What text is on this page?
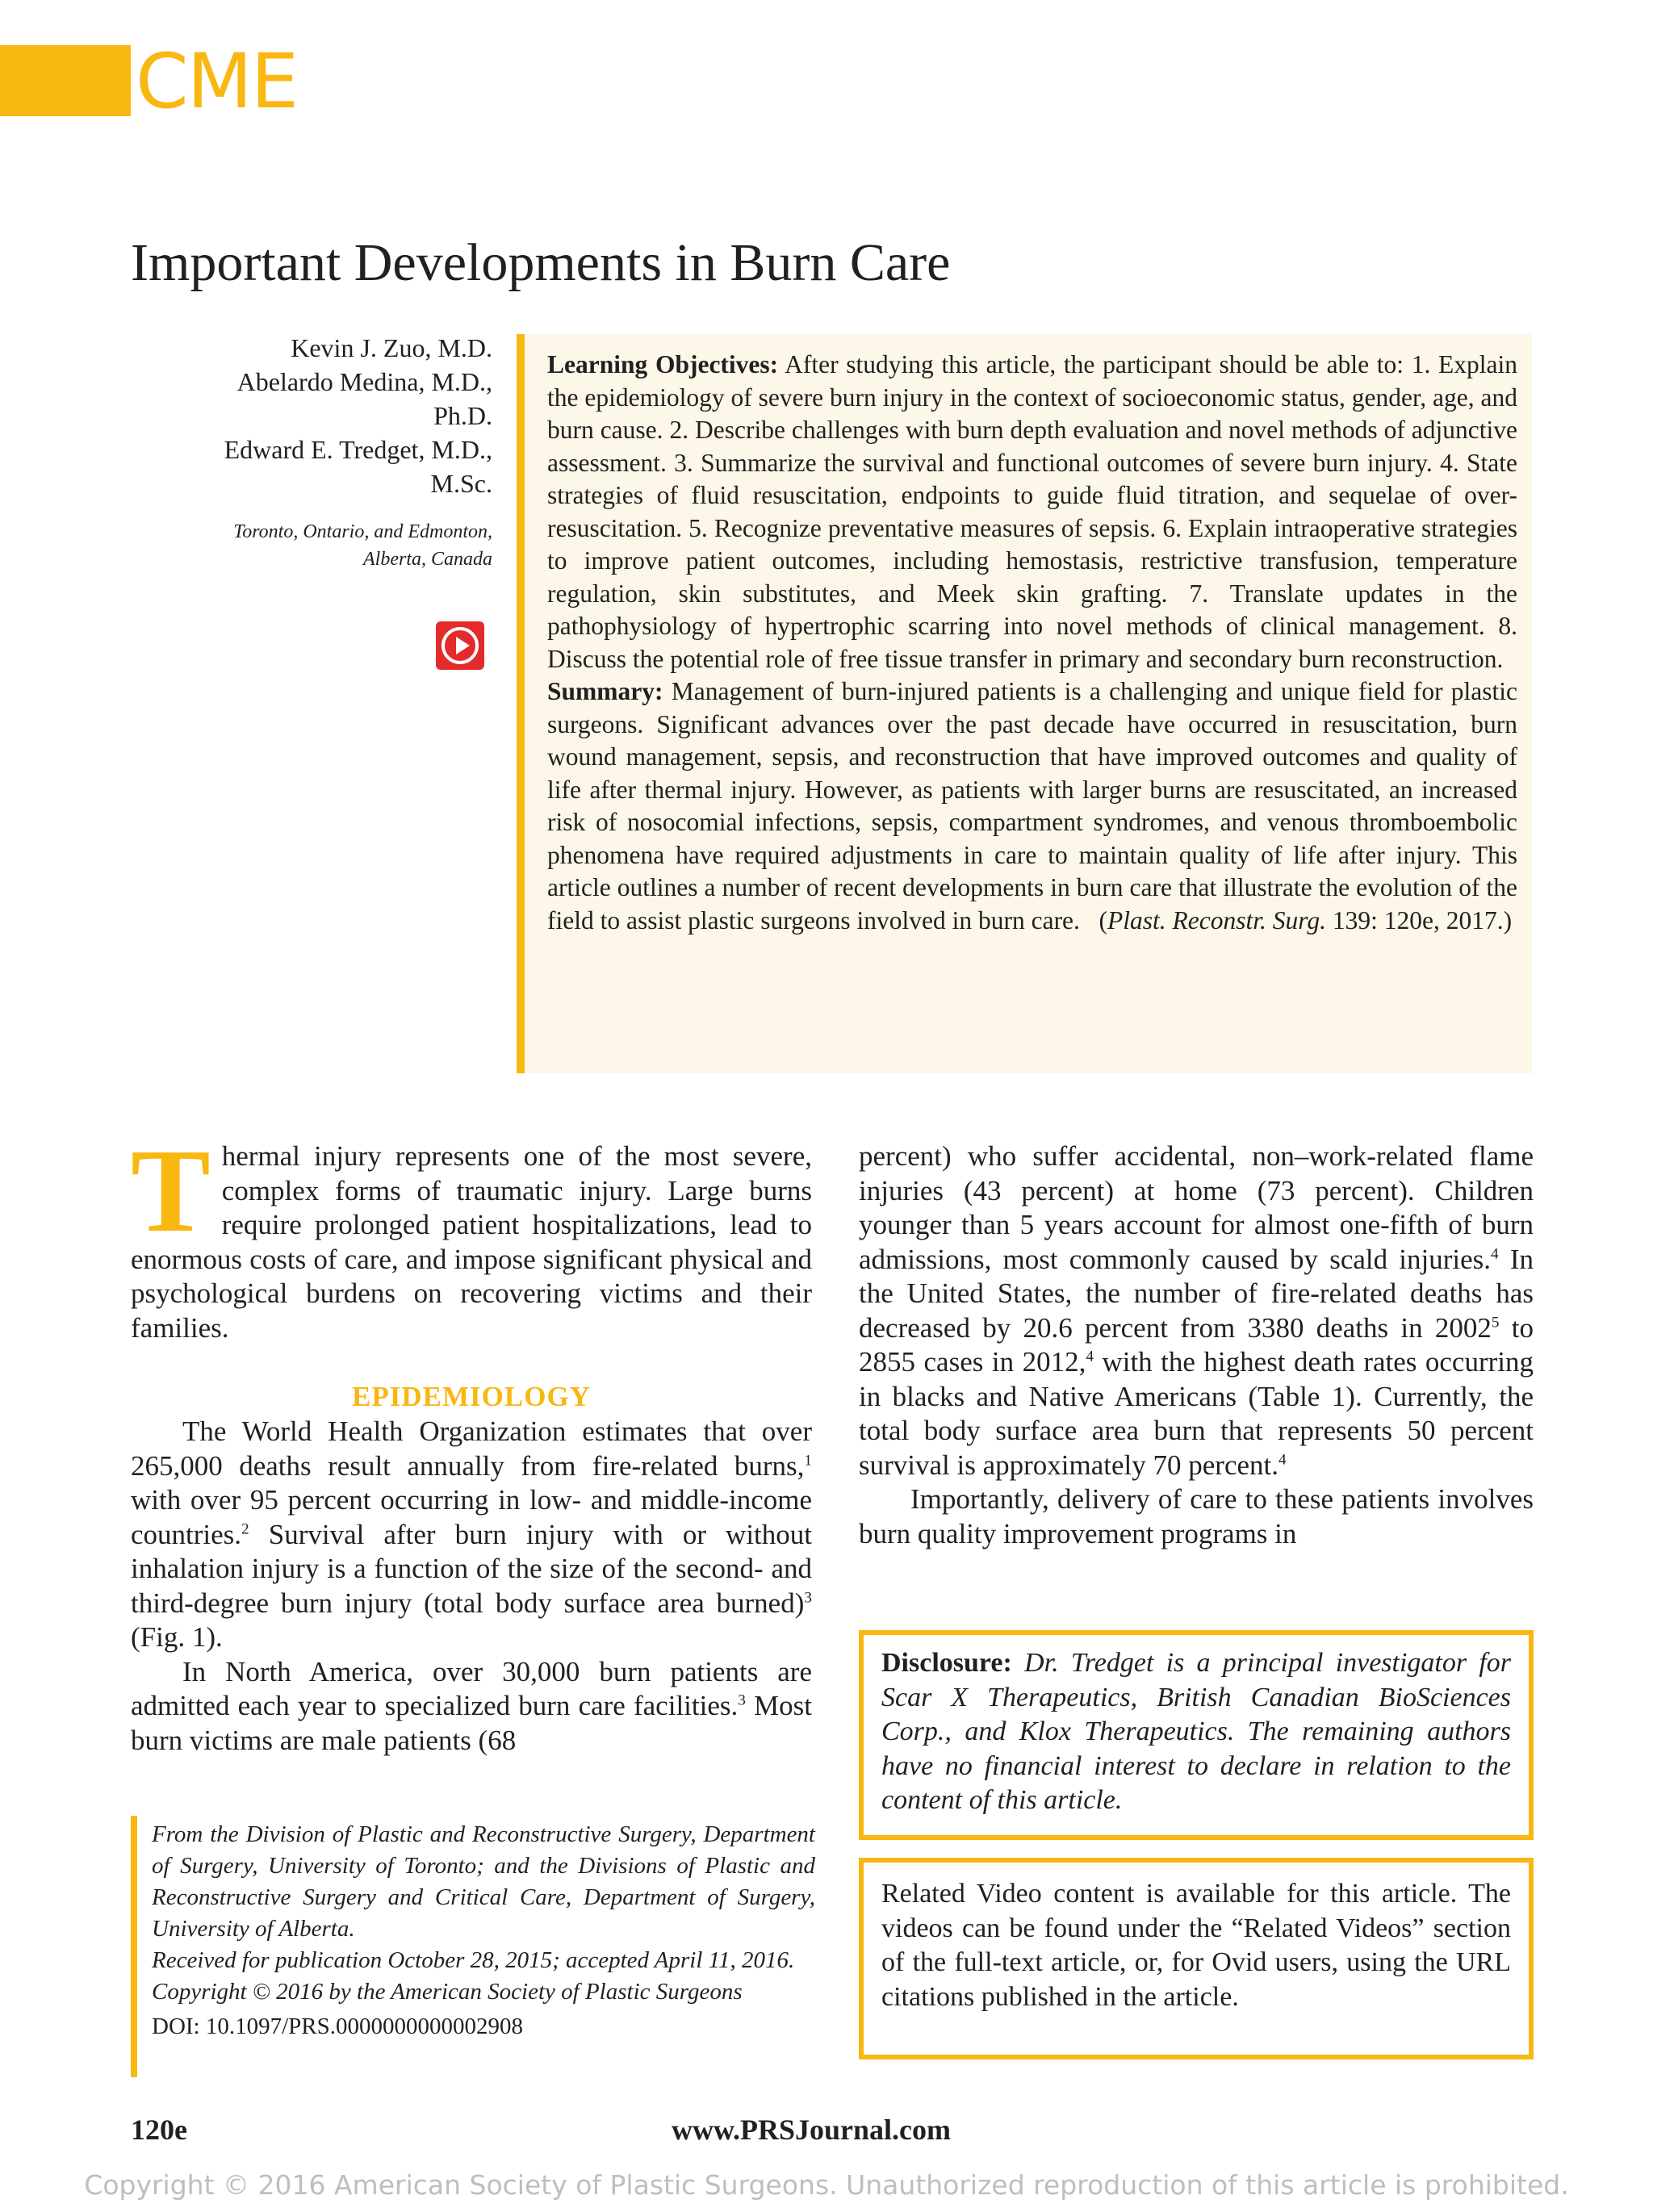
CME
Important Developments in Burn Care
Kevin J. Zuo, M.D.
Abelardo Medina, M.D.,
Ph.D.
Edward E. Tredget, M.D.,
M.Sc.
Toronto, Ontario, and Edmonton,
Alberta, Canada

Learning Objectives: After studying this article, the participant should be able to: 1. Explain the epidemiology of severe burn injury in the context of socioeconomic status, gender, age, and burn cause. 2. Describe challenges with burn depth evaluation and novel methods of adjunctive assessment. 3. Summarize the survival and functional outcomes of severe burn injury. 4. State strategies of fluid resuscitation, endpoints to guide fluid titration, and sequelae of over-resuscitation. 5. Recognize preventative measures of sepsis. 6. Explain intraoperative strategies to improve patient outcomes, including hemostasis, restrictive transfusion, temperature regulation, skin substitutes, and Meek skin grafting. 7. Translate updates in the pathophysiology of hypertrophic scarring into novel methods of clinical management. 8. Discuss the potential role of free tissue transfer in primary and secondary burn reconstruction.

Summary: Management of burn-injured patients is a challenging and unique field for plastic surgeons. Significant advances over the past decade have occurred in resuscitation, burn wound management, sepsis, and reconstruction that have improved outcomes and quality of life after thermal injury. However, as patients with larger burns are resuscitated, an increased risk of nosocomial infections, sepsis, compartment syndromes, and venous thromboembolic phenomena have required adjustments in care to maintain quality of life after injury. This article outlines a number of recent developments in burn care that illustrate the evolution of the field to assist plastic surgeons involved in burn care.   (Plast. Reconstr. Surg. 139: 120e, 2017.)

Thermal injury represents one of the most severe, complex forms of traumatic injury. Large burns require prolonged patient hospitalizations, lead to enormous costs of care, and impose significant physical and psychological burdens on recovering victims and their families.

EPIDEMIOLOGY

The World Health Organization estimates that over 265,000 deaths result annually from fire-related burns,$^1$ with over 95 percent occurring in low- and middle-income countries.$^2$ Survival after burn injury with or without inhalation injury is a function of the size of the second- and third-degree burn injury (total body surface area burned)$^3$ (Fig. 1).

In North America, over 30,000 burn patients are admitted each year to specialized burn care facilities.$^3$ Most burn victims are male patients (68

percent) who suffer accidental, non–work-related flame injuries (43 percent) at home (73 percent). Children younger than 5 years account for almost one-fifth of burn admissions, most commonly caused by scald injuries.$^4$ In the United States, the number of fire-related deaths has decreased by 20.6 percent from 3380 deaths in 2002$^5$ to 2855 cases in 2012,$^4$ with the highest death rates occurring in blacks and Native Americans (Table 1). Currently, the total body surface area burn that represents 50 percent survival is approximately 70 percent.$^4$

Importantly, delivery of care to these patients involves burn quality improvement programs in

From the Division of Plastic and Reconstructive Surgery, Department of Surgery, University of Toronto; and the Divisions of Plastic and Reconstructive Surgery and Critical Care, Department of Surgery, University of Alberta.

Received for publication October 28, 2015; accepted April 11, 2016.

Copyright © 2016 by the American Society of Plastic Surgeons

DOI: 10.1097/PRS.0000000000002908

Disclosure: Dr. Tredget is a principal investigator for Scar X Therapeutics, British Canadian BioSciences Corp., and Klox Therapeutics. The remaining authors have no financial interest to declare in relation to the content of this article.
Related Video content is available for this article. The videos can be found under the “Related Videos” section of the full-text article, or, for Ovid users, using the URL citations published in the article.
120e	www.PRSJournal.com
Copyright © 2016 American Society of Plastic Surgeons. Unauthorized reproduction of this article is prohibited.
